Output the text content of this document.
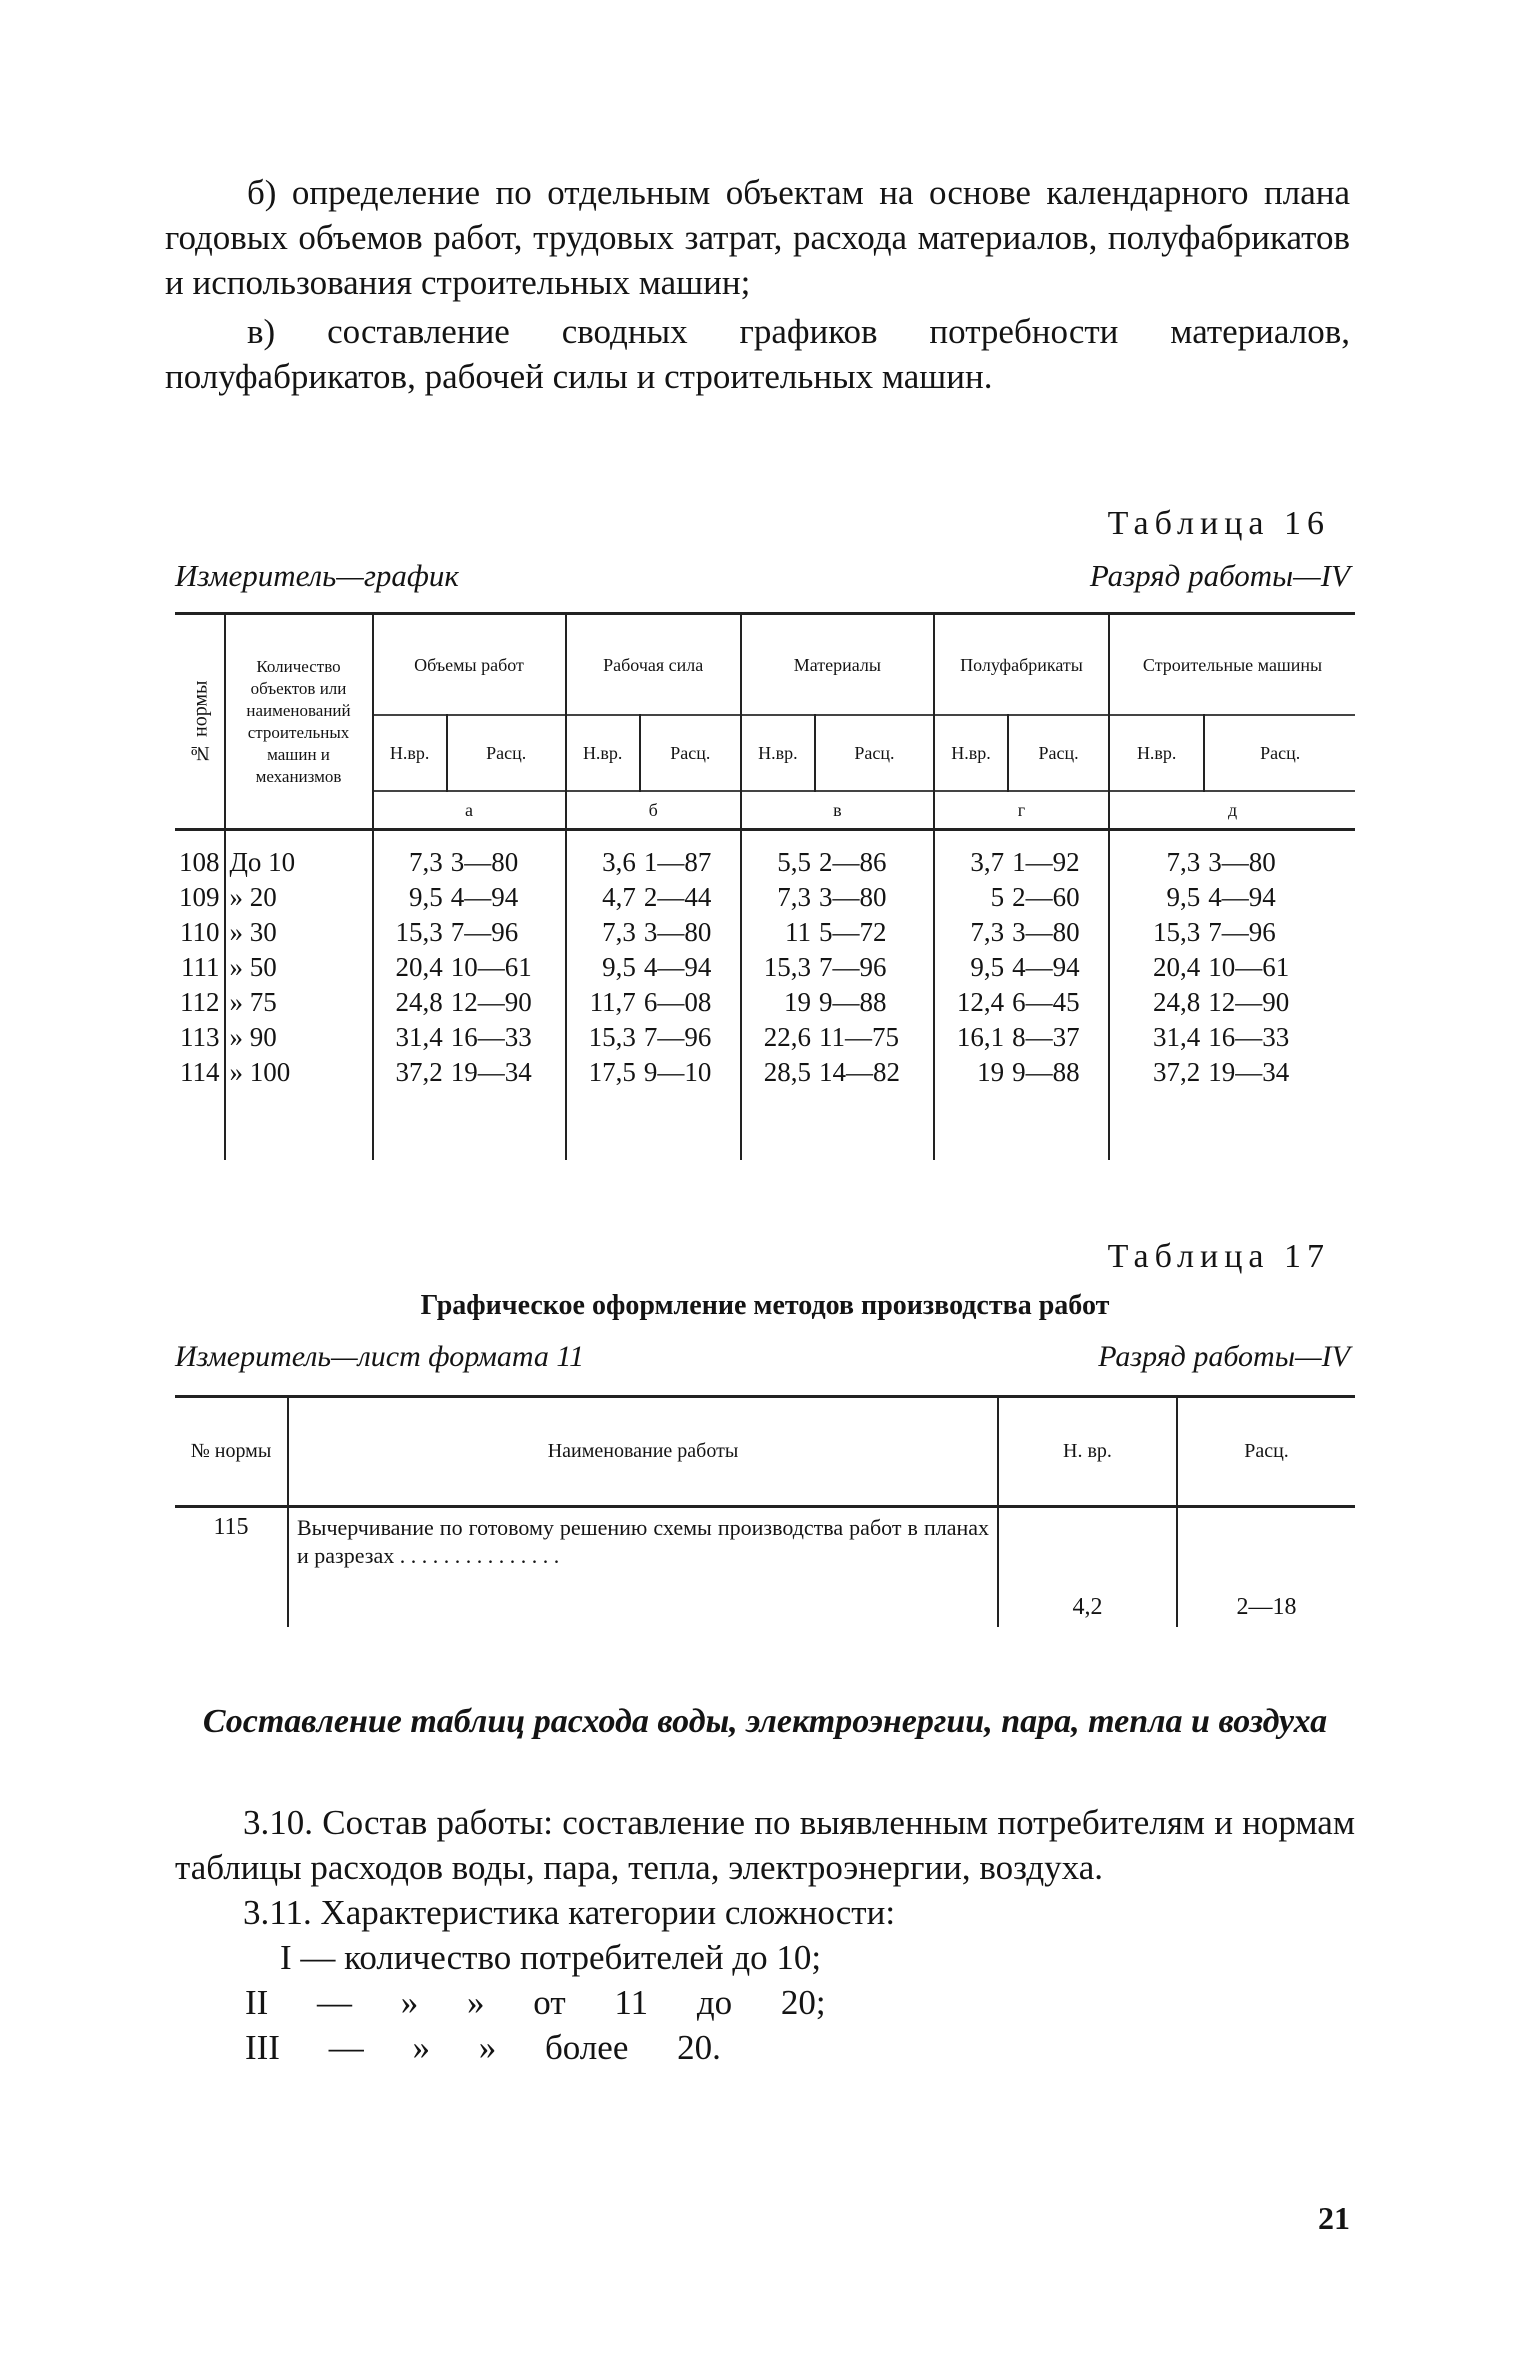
б) определение по отдельным объектам на основе календарного плана годовых объемов работ, трудовых затрат, расхода материалов, полуфабрикатов и использования строительных машин;

в) составление сводных графиков потребности материалов, полуфабрикатов, рабочей силы и строительных машин.

Таблица 16
Измеритель—график	Разряд работы—IV
№ нормы	Количество объектов или наименований строительных машин и механизмов	Объемы работ		Рабочая сила		Материалы		Полуфабрикаты		Строительные машины	
		Н.вр.	Расц.	Н.вр.	Расц.	Н.вр.	Расц.	Н.вр.	Расц.	Н.вр.	Расц.
		а		б		в		г		д	
108	До 10	7,3	3—80	3,6	1—87	5,5	2—86	3,7	1—92	7,3	3—80
109	» 20	9,5	4—94	4,7	2—44	7,3	3—80	5	2—60	9,5	4—94
110	» 30	15,3	7—96	7,3	3—80	11	5—72	7,3	3—80	15,3	7—96
111	» 50	20,4	10—61	9,5	4—94	15,3	7—96	9,5	4—94	20,4	10—61
112	» 75	24,8	12—90	11,7	6—08	19	9—88	12,4	6—45	24,8	12—90
113	» 90	31,4	16—33	15,3	7—96	22,6	11—75	16,1	8—37	31,4	16—33
114	» 100	37,2	19—34	17,5	9—10	28,5	14—82	19	9—88	37,2	19—34
Таблица 17
Графическое оформление методов производства работ
Измеритель—лист формата 11	Разряд работы—IV
№ нормы	Наименование работы	Н. вр.	Расц.
115	Вычерчивание по готовому решению схемы производства работ в планах и разрезах . . . . . . . . . . . . . . .	4,2	2—18
Составление таблиц расхода воды, электроэнергии, пара, тепла и воздуха

3.10. Состав работы: составление по выявленным потребителям и нормам таблицы расходов воды, пара, тепла, электроэнергии, воздуха.

3.11. Характеристика категории сложности:

I — количество потребителей до 10;

II — » » от 11 до 20;

III — » » более 20.

21
